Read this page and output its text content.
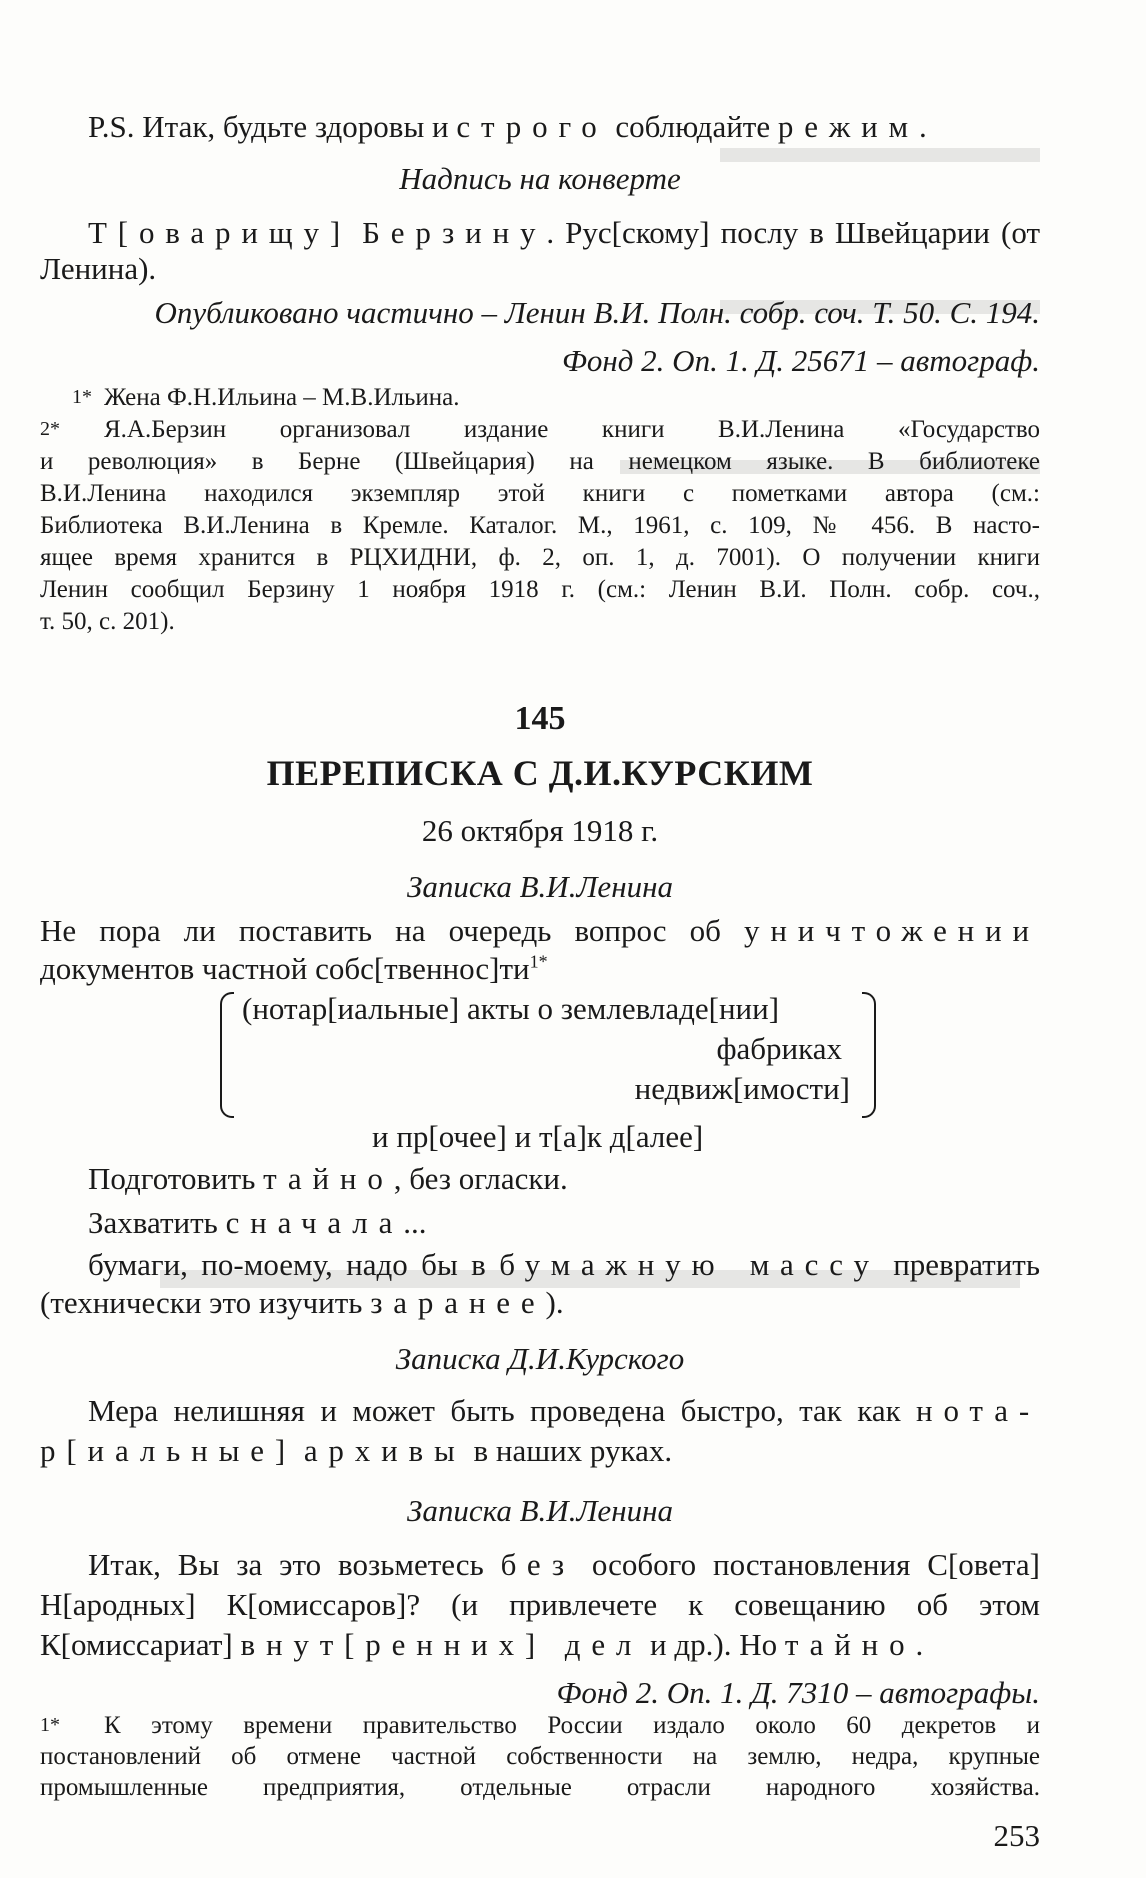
P.S. Итак, будьте здоровы и строго соблюдайте режим.
Надпись на конверте
Т[оварищу] Берзину. Рус[скому] послу в Швейцарии (от
Ленина).
Опубликовано частично – Ленин В.И. Полн. собр. соч. Т. 50. С. 194.
Фонд 2. Оп. 1. Д. 25671 – автограф.
1* Жена Ф.Н.Ильина – М.В.Ильина.
2* Я.А.Берзин организовал издание книги В.И.Ленина «Государство
и революция» в Берне (Швейцария) на немецком языке. В библиотеке
В.И.Ленина находился экземпляр этой книги с пометками автора (см.:
Библиотека В.И.Ленина в Кремле. Каталог. М., 1961, с. 109, № 456. В насто-
ящее время хранится в РЦХИДНИ, ф. 2, оп. 1, д. 7001). О получении книги
Ленин сообщил Берзину 1 ноября 1918 г. (см.: Ленин В.И. Полн. собр. соч.,
т. 50, с. 201).
145
ПЕРЕПИСКА С Д.И.КУРСКИМ
26 октября 1918 г.
Записка В.И.Ленина
Не пора ли поставить на очередь вопрос об уничтожении
документов частной $собс[твеннос]ти^{1*}$
(нотар[иальные] акты о землевладе[нии]
фабриках
недвиж[имости]
и пр[очее] и т[а]к д[алее]
Подготовить тайно, без огласки.
Захватить сначала...
бумаги, по-моему, надо бы в бумажную массу превратить
(технически это изучить заранее).
Записка Д.И.Курского
Мера нелишняя и может быть проведена быстро, так как нота-
р[иальные] архивы в наших руках.
Записка В.И.Ленина
Итак, Вы за это возьметесь без особого постановления С[овета]
Н[ародных] К[омиссаров]? (и привлечете к совещанию об этом
К[омиссариат] внут[ренних] дел и др.). Но тайно.
Фонд 2. Оп. 1. Д. 7310 – автографы.
1* К этому времени правительство России издало около 60 декретов и
постановлений об отмене частной собственности на землю, недра, крупные
промышленные предприятия, отдельные отрасли народного хозяйства.
253
